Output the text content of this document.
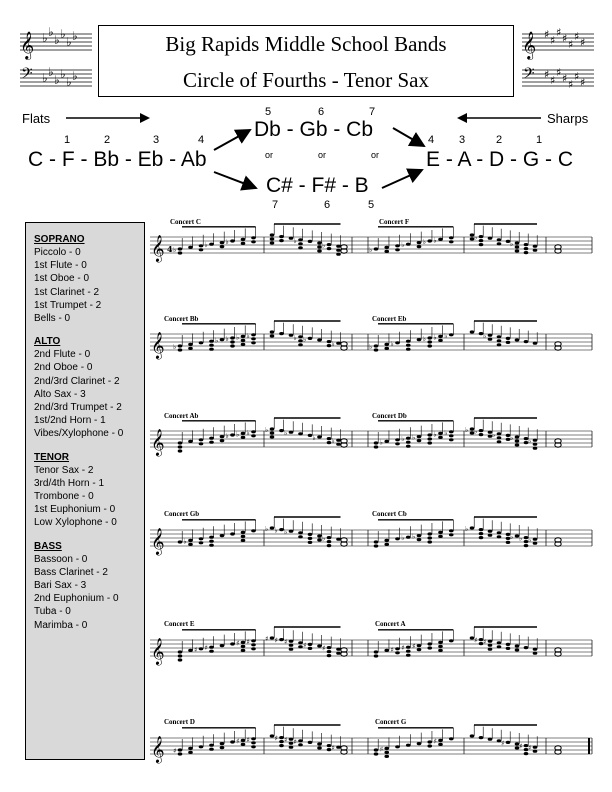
𝄞
𝄢
♭ ♭
♭ ♭
♭ ♭
♭ ♭
♭ ♭
♭ ♭
𝄞
𝄢
♯ ♯
♯ ♯ ♯
♯ ♯
♯ ♯
♯ ♯ ♯
♯ ♯
Big Rapids Middle School Bands
Circle of Fourths - Tenor Sax
Flats	Sharps
1	2	3	4
C - F - Bb - Eb - Ab
5	6	7
Db - Gb - Cb
or	or	or
C# - F# - B
7	6	5
4 3	2	1
E - A - D - G - C
SOPRANO
Piccolo - 0
1st Flute - 0
1st Oboe - 0
1st Clarinet - 2
1st Trumpet - 2
Bells - 0
ALTO
2nd Flute - 0
2nd Oboe - 0
2nd/3rd Clarinet - 2
Alto Sax - 3
2nd/3rd Trumpet - 2
1st/2nd Horn - 1
Vibes/Xylophone - 0
TENOR
Tenor Sax - 2
3rd/4th Horn - 1
Trombone - 0
1st Euphonium - 0
Low Xylophone - 0
BASS
Bassoon - 0
Bass Clarinet - 2
Bari Sax - 3
2nd Euphonium - 0
Tuba - 0
Marimba - 0
Concert C	Concert F
Concert Bb	Concert Eb
Concert Ab	Concert Db
Concert Gb	Concert Cb
Concert E	Concert A
Concert D	Concert G
𝄞 4 ♭
♭	♭	♭
♭
♭
♭	♭ ♭	♭
♭
𝄞 ♭
♭ ♭ ♭ ♭	♭ ♭
♭	♭	♭
♭ ♭ ♭	♭
𝄞	♭ ♭ ♭ ♭ ♭
♭ ♭	♭	♭ ♭	♭ ♭ ♭ ♭ ♭ ♭ ♭
𝄞	♭
♭ ♭ ♭
♭	♭ ♭
♭
♭ ♭ ♭
𝄞	♯ ♯
♯ ♯ ♯ ♯ ♯ ♯ ♯	♯ ♯ ♯
♯ ♯
𝄞 ♯
♯ ♯	♯ ♯ ♯
♯	♯
♯	♯ ♯ ♯
